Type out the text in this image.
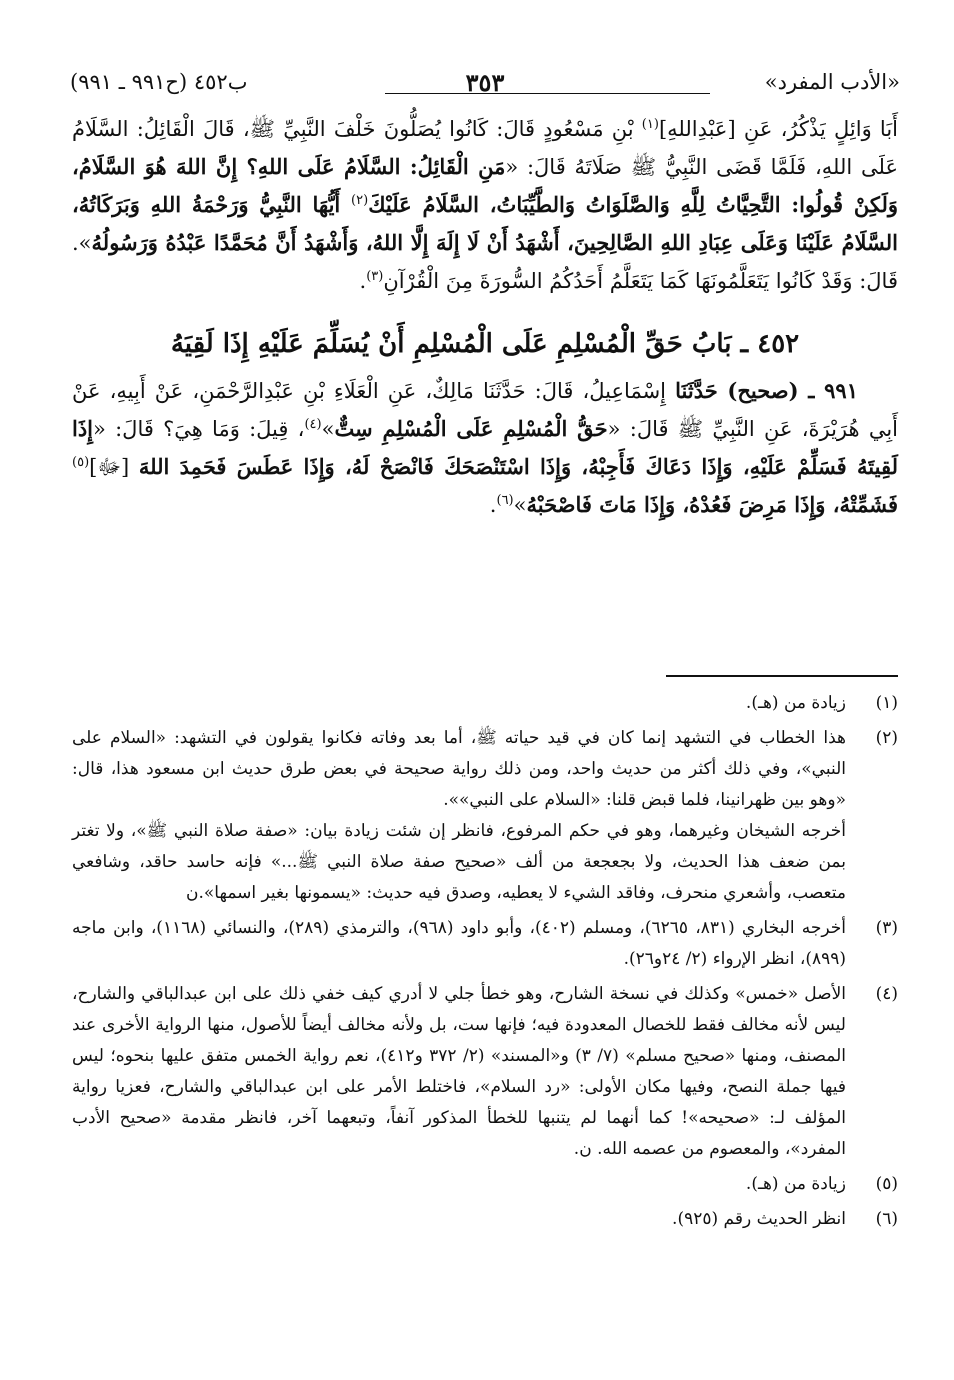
«الأدب المفرد»
٣٥٣
ب٤٥٢ (ح٩٩١ ـ ٩٩١)

أَبَا وَائِلٍ يَذْكُرُ، عَنِ [عَبْدِاللهِ]$^{(١)}$ بْنِ مَسْعُودٍ قَالَ: كَانُوا يُصَلُّونَ خَلْفَ النَّبِيِّ ﷺ، قَالَ الْقَائِلُ: السَّلَامُ عَلَى اللهِ، فَلَمَّا قَضَى النَّبِيُّ ﷺ صَلَاتَهُ قَالَ: «مَنِ الْقَائِلُ: السَّلَامُ عَلَى اللهِ؟ إِنَّ اللهَ هُوَ السَّلَامُ، وَلَكِنْ قُولُوا: التَّحِيَّاتُ لِلَّهِ وَالصَّلَوَاتُ وَالطَّيِّبَاتُ، السَّلَامُ عَلَيْكَ$^{(٢)}$ أَيُّهَا النَّبِيُّ وَرَحْمَةُ اللهِ وَبَرَكَاتُهُ، السَّلَامُ عَلَيْنَا وَعَلَى عِبَادِ اللهِ الصَّالِحِينَ، أَشْهَدُ أَنْ لَا إِلَهَ إِلَّا اللهُ، وَأَشْهَدُ أَنَّ مُحَمَّدًا عَبْدُهُ وَرَسُولُهُ». قَالَ: وَقَدْ كَانُوا يَتَعَلَّمُونَهَا كَمَا يَتَعَلَّمُ أَحَدُكُمُ السُّورَةَ مِنَ الْقُرْآنِ$^{(٣)}$.

٤٥٢ ـ بَابُ حَقِّ الْمُسْلِمِ عَلَى الْمُسْلِمِ أَنْ يُسَلِّمَ عَلَيْهِ إِذَا لَقِيَهُ

٩٩١ ـ (صحيح) حَدَّثَنَا إِسْمَاعِيلُ، قَالَ: حَدَّثَنَا مَالِكٌ، عَنِ الْعَلَاءِ بْنِ عَبْدِالرَّحْمَنِ، عَنْ أَبِيهِ، عَنْ أَبِي هُرَيْرَةَ، عَنِ النَّبِيِّ ﷺ قَالَ: «حَقُّ الْمُسْلِمِ عَلَى الْمُسْلِمِ سِتٌّ»$^{(٤)}$، قِيلَ: وَمَا هِيَ؟ قَالَ: «إِذَا لَقِيتَهُ فَسَلِّمْ عَلَيْهِ، وَإِذَا دَعَاكَ فَأَجِبْهُ، وَإِذَا اسْتَنْصَحَكَ فَانْصَحْ لَهُ، وَإِذَا عَطَسَ فَحَمِدَ اللهَ [ﷻ]$^{(٥)}$ فَشَمِّتْهُ، وَإِذَا مَرِضَ فَعُدْهُ، وَإِذَا مَاتَ فَاصْحَبْهُ»$^{(٦)}$.

(١)

زيادة من (هـ).

(٢)

هذا الخطاب في التشهد إنما كان في قيد حياته ﷺ، أما بعد وفاته فكانوا يقولون في التشهد: «السلام على النبي»، وفي ذلك أكثر من حديث واحد، ومن ذلك رواية صحيحة في بعض طرق حديث ابن مسعود هذا، قال: «وهو بين ظهرانينا، فلما قبض قلنا: «السلام على النبي»».

أخرجه الشيخان وغيرهما، وهو في حكم المرفوع، فانظر إن شئت زيادة بيان: «صفة صلاة النبي ﷺ»، ولا تغتر بمن ضعف هذا الحديث، ولا بجعجعة من ألف «صحيح صفة صلاة النبي ﷺ...» فإنه حاسد حاقد، وشافعي متعصب، وأشعري منحرف، وفاقد الشيء لا يعطيه، وصدق فيه حديث: «يسمونها بغير اسمها».ن

(٣)

أخرجه البخاري (٨٣١، ٦٢٦٥)، ومسلم (٤٠٢)، وأبو داود (٩٦٨)، والترمذي (٢٨٩)، والنسائي (١١٦٨)، وابن ماجه (٨٩٩)، انظر الإرواء (٢/ ٢٤و٢٦).

(٤)

الأصل «خمس» وكذلك في نسخة الشارح، وهو خطأ جلي لا أدري كيف خفي ذلك على ابن عبدالباقي والشارح، ليس لأنه مخالف فقط للخصال المعدودة فيه؛ فإنها ست، بل ولأنه مخالف أيضاً للأصول، منها الرواية الأخرى عند المصنف، ومنها «صحيح مسلم» (٧/ ٣) و«المسند» (٢/ ٣٧٢ و٤١٢)، نعم رواية الخمس متفق عليها بنحوه؛ ليس فيها جملة النصح، وفيها مكان الأولى: «رد السلام»، فاختلط الأمر على ابن عبدالباقي والشارح، فعزيا رواية المؤلف لـ: «صحيحه»! كما أنهما لم يتنبها للخطأ المذكور آنفاً، وتبعهما آخر، فانظر مقدمة «صحيح الأدب المفرد»، والمعصوم من عصمه الله. ن.

(٥)

زيادة من (هـ).

(٦)

انظر الحديث رقم (٩٢٥).
